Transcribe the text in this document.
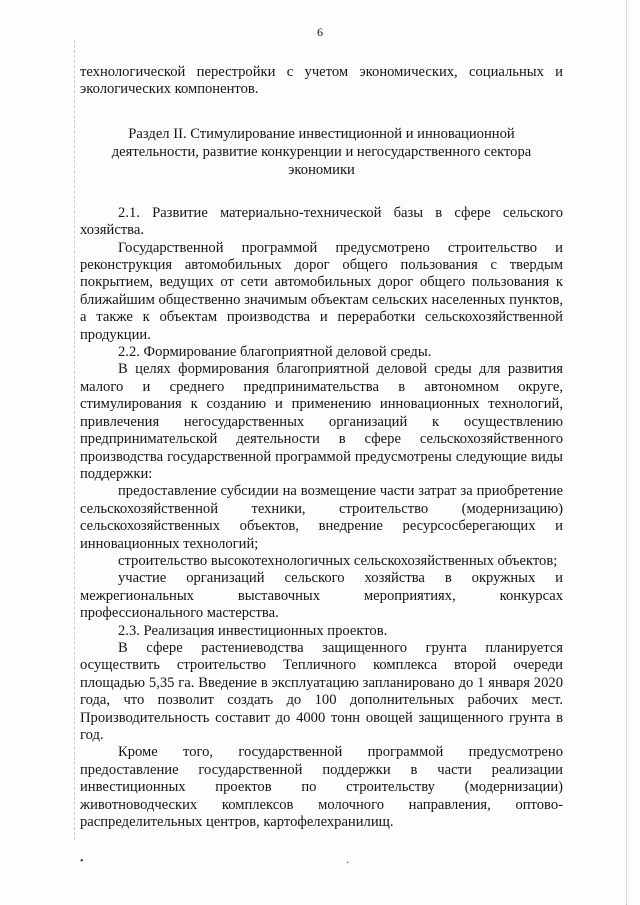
6

технологической перестройки с учетом экономических, социальных и экологических компонентов.

Раздел II. Стимулирование инвестиционной и инновационной

деятельности, развитие конкуренции и негосударственного сектора

экономики

2.1. Развитие материально-технической базы в сфере сельского хозяйства.

Государственной программой предусмотрено строительство и реконструкция автомобильных дорог общего пользования с твердым покрытием, ведущих от сети автомобильных дорог общего пользования к ближайшим общественно значимым объектам сельских населенных пунктов, а также к объектам производства и переработки сельскохозяйственной продукции.

2.2. Формирование благоприятной деловой среды.

В целях формирования благоприятной деловой среды для развития малого и среднего предпринимательства в автономном округе, стимулирования к созданию и применению инновационных технологий, привлечения негосударственных организаций к осуществлению предпринимательской деятельности в сфере сельскохозяйственного производства государственной программой предусмотрены следующие виды поддержки:

предоставление субсидии на возмещение части затрат за приобретение сельскохозяйственной техники, строительство (модернизацию) сельскохозяйственных объектов, внедрение ресурсосберегающих и инновационных технологий;

строительство высокотехнологичных сельскохозяйственных объектов;

участие организаций сельского хозяйства в окружных и межрегиональных выставочных мероприятиях, конкурсах профессионального мастерства.

2.3. Реализация инвестиционных проектов.

В сфере растениеводства защищенного грунта планируется осуществить строительство Тепличного комплекса второй очереди площадью 5,35 га. Введение в эксплуатацию запланировано до 1 января 2020 года, что позволит создать до 100 дополнительных рабочих мест. Производительность составит до 4000 тонн овощей защищенного грунта в год.

Кроме того, государственной программой предусмотрено предоставление государственной поддержки в части реализации инвестиционных проектов по строительству (модернизации) животноводческих комплексов молочного направления, оптово-распределительных центров, картофелехранилищ.

•	·
